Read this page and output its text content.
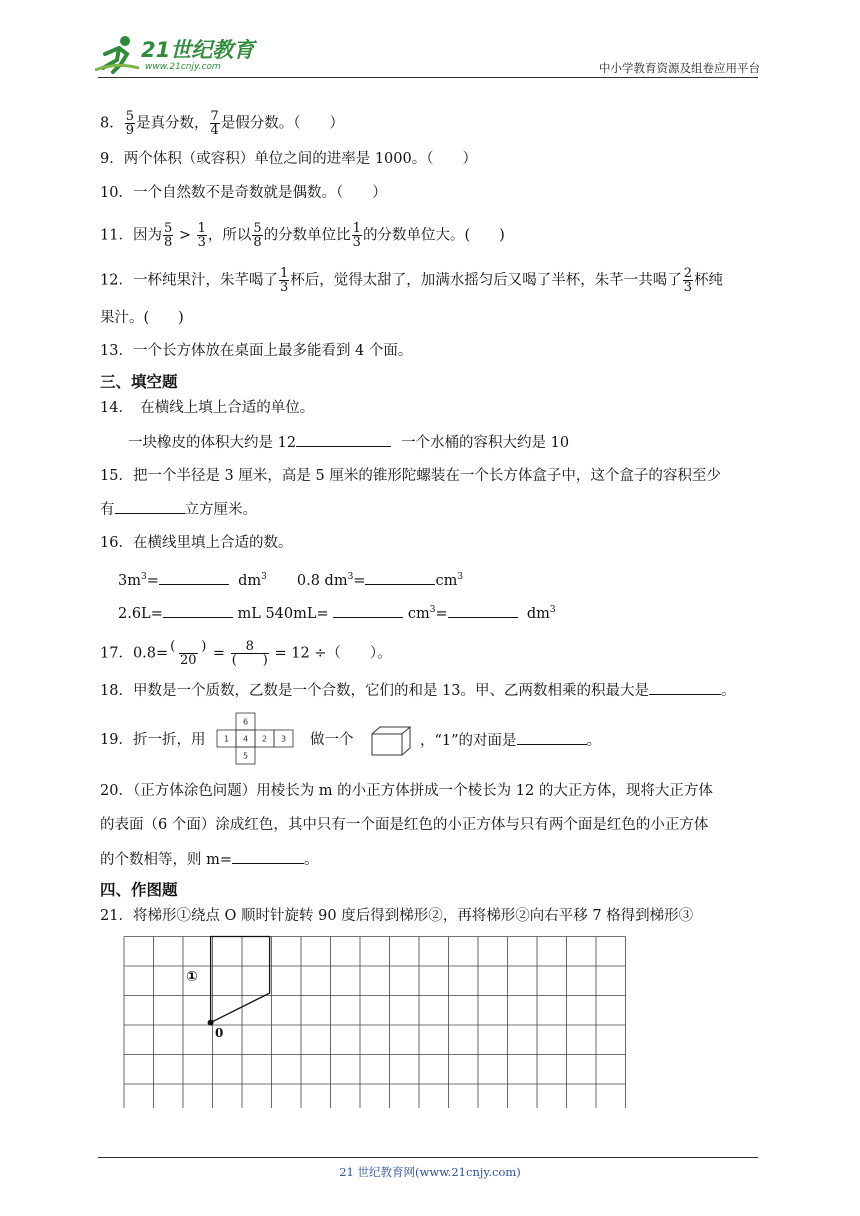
21世纪教育
www.21cnjy.com	中小学教育资源及组卷应用平台
8． $\frac{5}{9}$ 是真分数， $\frac{7}{4}$ 是假分数。（　　）
9．两个体积（或容积）单位之间的进率是 1000。（　　）
10．一个自然数不是奇数就是偶数。（　　）
11．因为 $\frac{5}{8} > \frac{1}{3}$ ，所以 $\frac{5}{8}$ 的分数单位比 $\frac{1}{3}$ 的分数单位大。(　　)
12．一杯纯果汁，朱芊喝了 $\frac{1}{3}$ 杯后，觉得太甜了，加满水摇匀后又喝了半杯，朱芊一共喝了 $\frac{2}{3}$ 杯纯
果汁。(　　)
13．一个长方体放在桌面上最多能看到 4 个面。
三、填空题
14．　在横线上填上合适的单位。
一块橡皮的体积大约是 12	一个水桶的容积大约是 10
15．把一个半径是 3 厘米，高是 5 厘米的锥形陀螺装在一个长方体盒子中，这个盒子的容积至少
有	立方厘米。
16．在横线里填上合适的数。
$3m^3=$	$dm^3$ 0.8 $dm^3=$	$cm^3$
2.6L=	mL 540mL=	$cm^3=$	$dm^3$
17．$0.8= \frac{( )}{20} = \frac{8}{( )} = 12$ ÷（　　）。
18．甲数是一个质数，乙数是一个合数，它们的和是 13。甲、乙两数相乘的积最大是	。
19．折一折，用
6
1 4 2 3
5
做一个	，“1”的对面是	。
20．（正方体涂色问题）用棱长为 m 的小正方体拼成一个棱长为 12 的大正方体，现将大正方体
的表面（6 个面）涂成红色，其中只有一个面是红色的小正方体与只有两个面是红色的小正方体
的个数相等，则 m=	。
四、作图题
21．将梯形①绕点 O 顺时针旋转 90 度后得到梯形②，再将梯形②向右平移 7 格得到梯形③
①
0
21 世纪教育网(www.21cnjy.com)
